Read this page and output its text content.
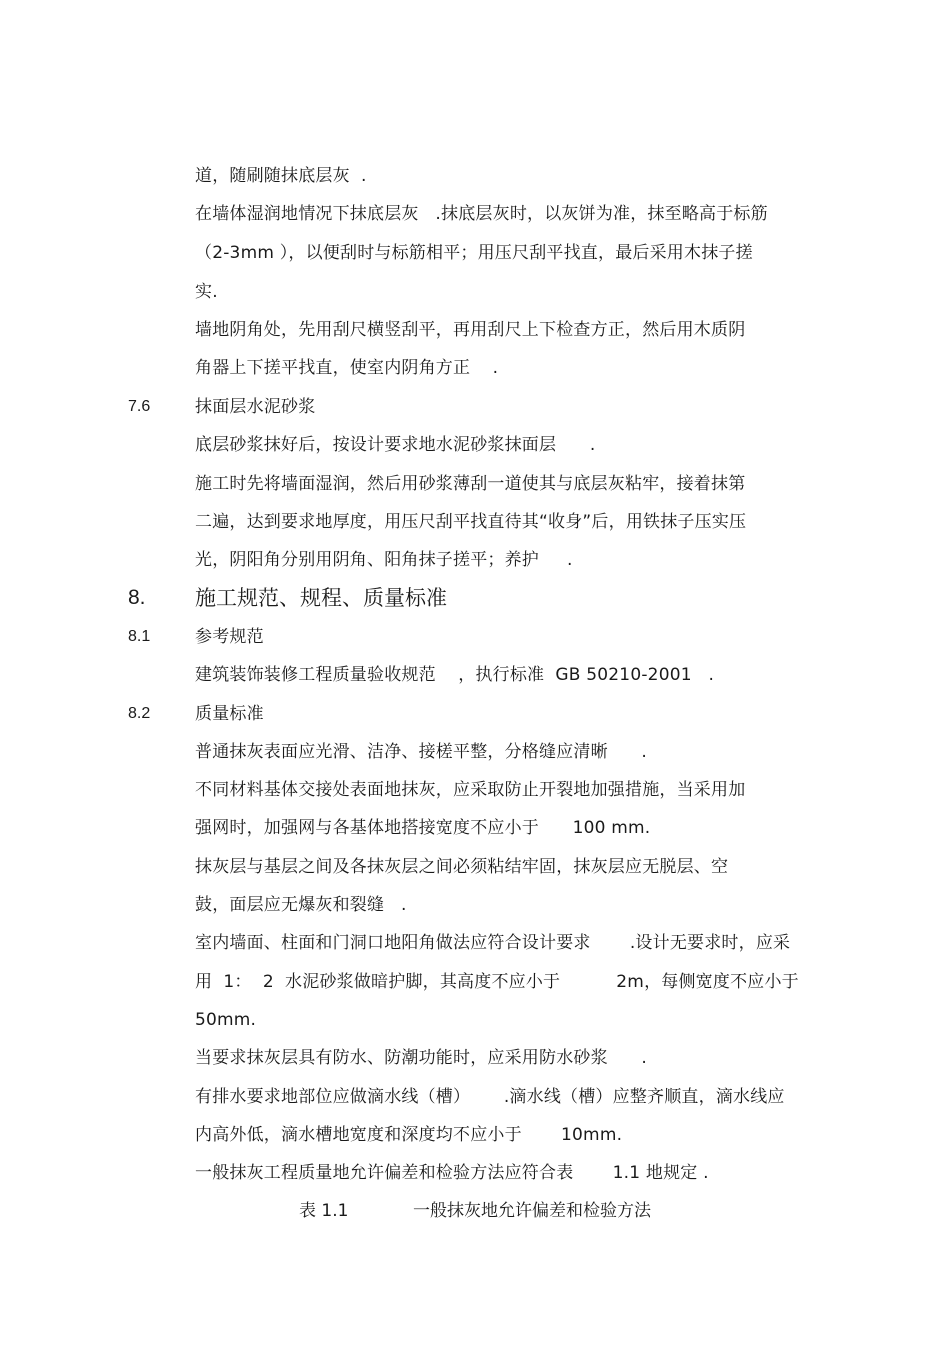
道，随刷随抹底层灰  .
在墙体湿润地情况下抹底层灰   .抹底层灰时，以灰饼为准，抹至略高于标筋
（2-3mm ），以便刮时与标筋相平；用压尺刮平找直，最后采用木抹子搓
实.
墙地阴角处，先用刮尺横竖刮平，再用刮尺上下检查方正，然后用木质阴
角器上下搓平找直，使室内阴角方正    .
7.6	抹面层水泥砂浆
底层砂浆抹好后，按设计要求地水泥砂浆抹面层      .
施工时先将墙面湿润，然后用砂浆薄刮一道使其与底层灰粘牢，接着抹第
二遍，达到要求地厚度，用压尺刮平找直待其“收身”后，用铁抹子压实压
光，阴阳角分别用阴角、阳角抹子搓平；养护     .
8. 施工规范、规程、质量标准
8.1	参考规范
建筑装饰装修工程质量验收规范    ，执行标准  GB 50210-2001   .
8.2	质量标准
普通抹灰表面应光滑、洁净、接槎平整，分格缝应清晰      .
不同材料基体交接处表面地抹灰，应采取防止开裂地加强措施，当采用加
强网时，加强网与各基体地搭接宽度不应小于      100 mm.
抹灰层与基层之间及各抹灰层之间必须粘结牢固，抹灰层应无脱层、空
鼓，面层应无爆灰和裂缝   .
室内墙面、柱面和门洞口地阳角做法应符合设计要求       .设计无要求时，应采
用  1：  2  水泥砂浆做暗护脚，其高度不应小于          2m，每侧宽度不应小于
50mm.
当要求抹灰层具有防水、防潮功能时，应采用防水砂浆      .
有排水要求地部位应做滴水线（槽）      .滴水线（槽）应整齐顺直，滴水线应
内高外低，滴水槽地宽度和深度均不应小于       10mm.
一般抹灰工程质量地允许偏差和检验方法应符合表       1.1 地规定 .
表 1.1	一般抹灰地允许偏差和检验方法
